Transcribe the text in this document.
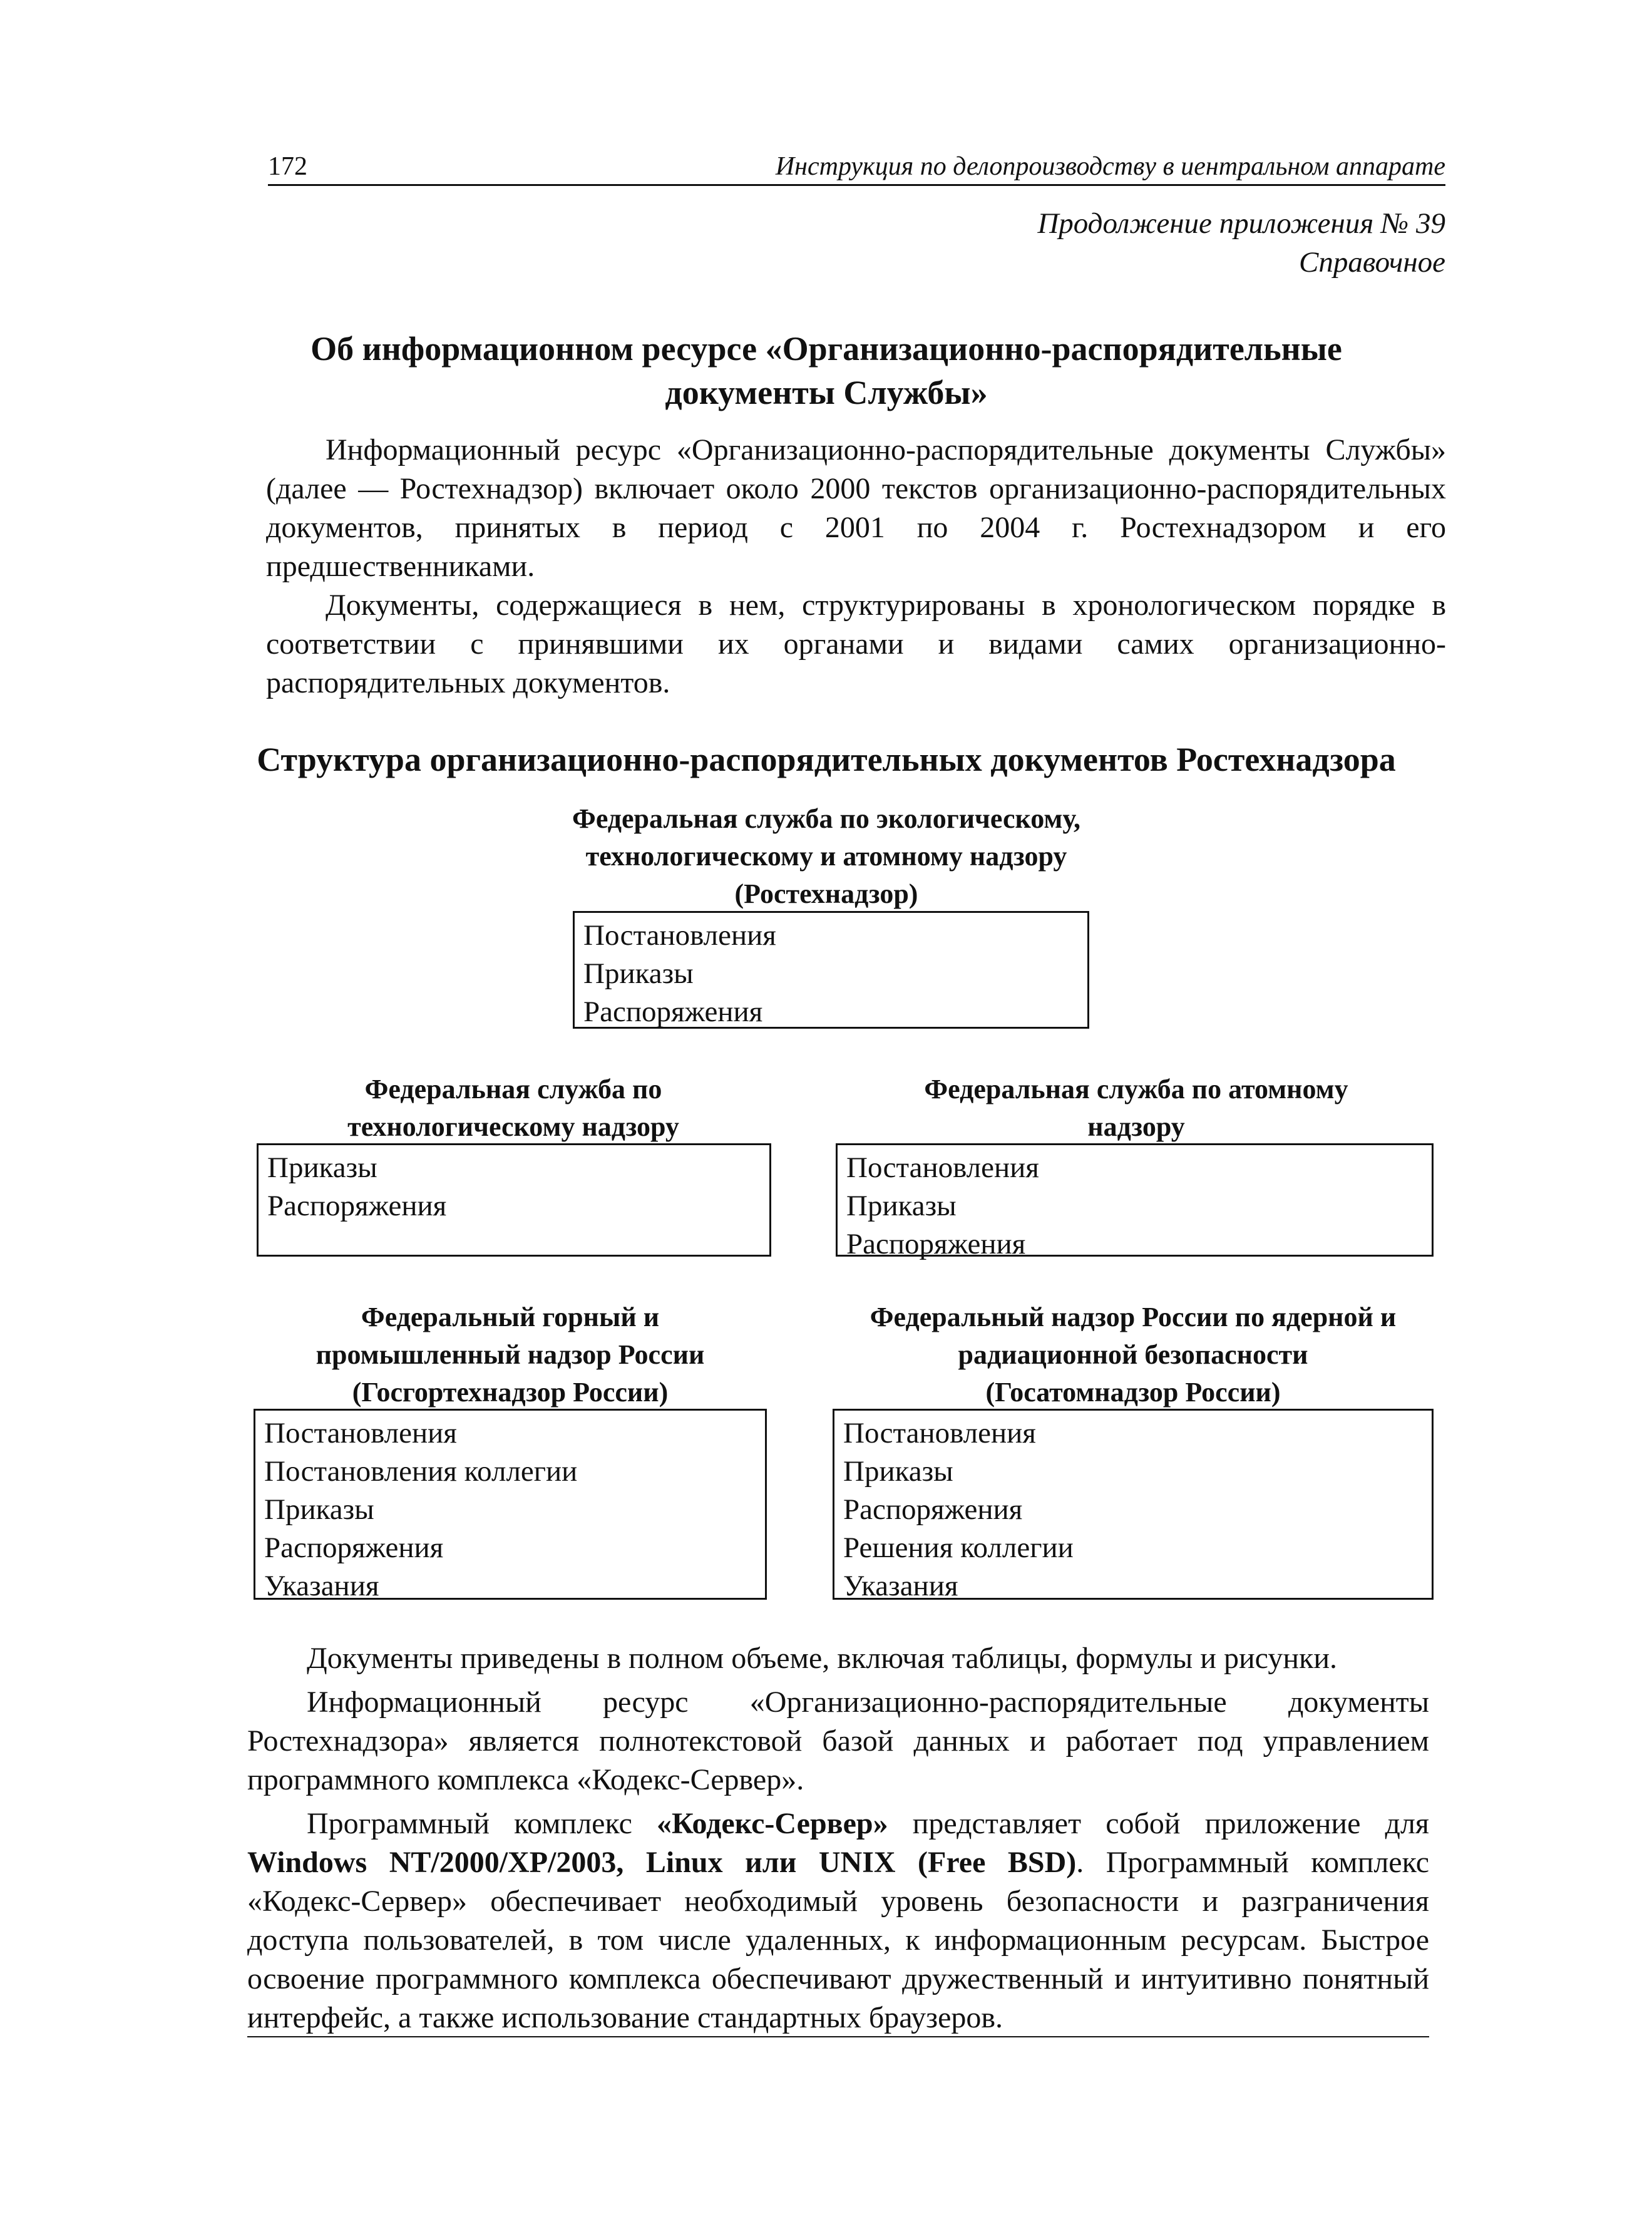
172	Инструкция по делопроизводству в иентральном аппарате
Продолжение приложения № 39
Справочное
Об информационном ресурсе «Организационно-распорядительные
документы Службы»

Информационный ресурс «Организационно-распорядительные документы Службы» (далее — Ростехнадзор) включает около 2000 текстов организационно-распорядительных документов, принятых в период с 2001 по 2004 г. Ростехнадзором и его предшественниками.

Документы, содержащиеся в нем, структурированы в хронологическом порядке в соответствии с принявшими их органами и видами самих организационно-распорядительных документов.

Структура организационно-распорядительных документов Ростехнадзора
Федеральная служба по экологическому,
технологическому и атомному надзору
(Ростехнадзор)
Постановления
Приказы
Распоряжения
Федеральная служба по
технологическому надзору
Приказы
Распоряжения
Федеральная служба по атомному
надзору
Постановления
Приказы
Распоряжения
Федеральный горный и
промышленный надзор России
(Госгортехнадзор России)
Постановления
Постановления коллегии
Приказы
Распоряжения
Указания
Федеральный надзор России по ядерной и
радиационной безопасности
(Госатомнадзор России)
Постановления
Приказы
Распоряжения
Решения коллегии
Указания

Документы приведены в полном объеме, включая таблицы, формулы и рисунки.

Информационный ресурс «Организационно-распорядительные документы Ростехнадзора» является полнотекстовой базой данных и работает под управлением программного комплекса «Кодекс-Сервер».

Программный комплекс «Кодекс-Сервер» представляет собой приложение для Windows NT/2000/XP/2003, Linux или UNIX (Free BSD). Программный комплекс «Кодекс-Сервер» обеспечивает необходимый уровень безопасности и разграничения доступа пользователей, в том числе удаленных, к информационным ресурсам. Быстрое освоение программного комплекса обеспечивают дружественный и интуитивно понятный интерфейс, а также использование стандартных браузеров.
